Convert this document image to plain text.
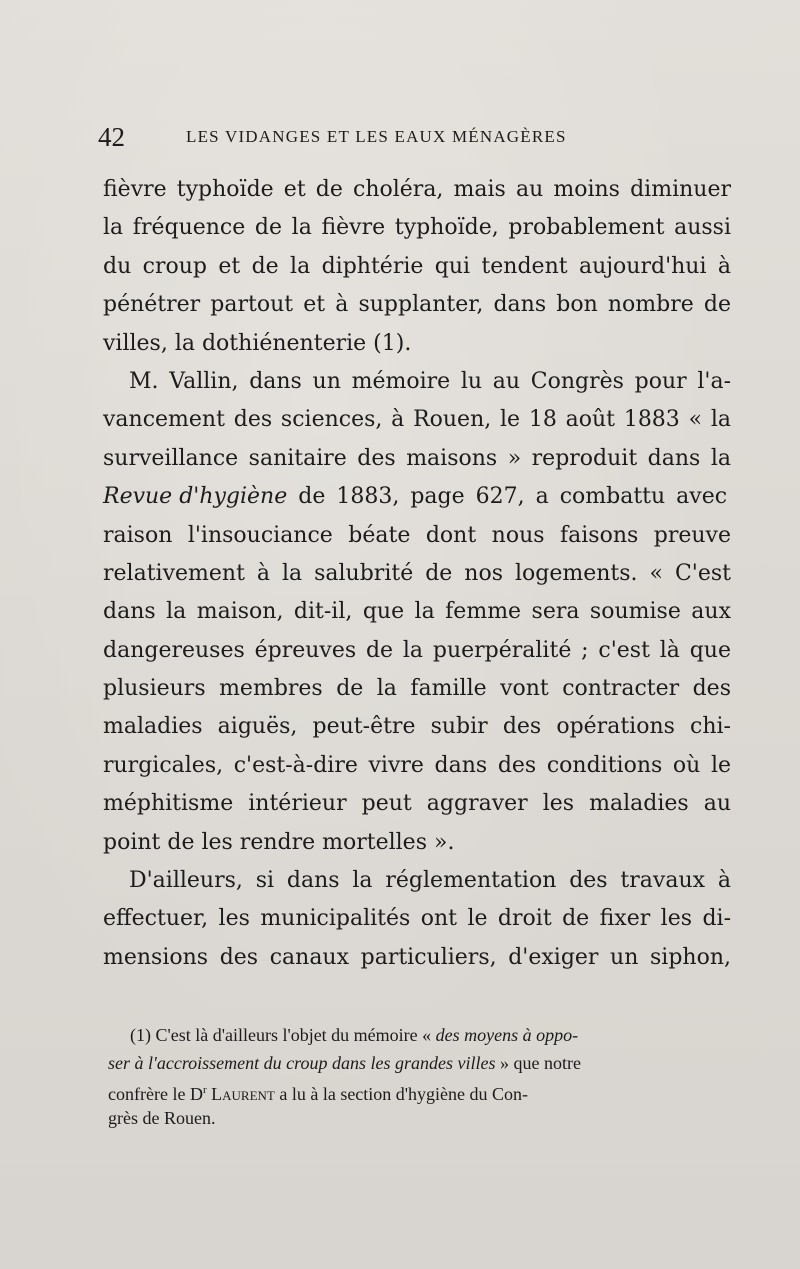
42	LES VIDANGES ET LES EAUX MÉNAGÈRES
fièvre typhoïde et de choléra, mais au moins diminuer
la fréquence de la fièvre typhoïde, probablement aussi
du croup et de la diphtérie qui tendent aujourd'hui à
pénétrer partout et à supplanter, dans bon nombre de
villes, la dothiénenterie (1).
M. Vallin, dans un mémoire lu au Congrès pour l'a-
vancement des sciences, à Rouen, le 18 août 1883 « la
surveillance sanitaire des maisons » reproduit dans la
Revue d'hygiène de 1883, page 627, a combattu avec
raison l'insouciance béate dont nous faisons preuve
relativement à la salubrité de nos logements. « C'est
dans la maison, dit-il, que la femme sera soumise aux
dangereuses épreuves de la puerpéralité ; c'est là que
plusieurs membres de la famille vont contracter des
maladies aiguës, peut-être subir des opérations chi-
rurgicales, c'est-à-dire vivre dans des conditions où le
méphitisme intérieur peut aggraver les maladies au
point de les rendre mortelles ».
D'ailleurs, si dans la réglementation des travaux à
effectuer, les municipalités ont le droit de fixer les di-
mensions des canaux particuliers, d'exiger un siphon,
(1) C'est là d'ailleurs l'objet du mémoire « des moyens à oppo-
ser à l'accroissement du croup dans les grandes villes » que notre
confrère le $D^r$ Laurent a lu à la section d'hygiène du Con-
grès de Rouen.
